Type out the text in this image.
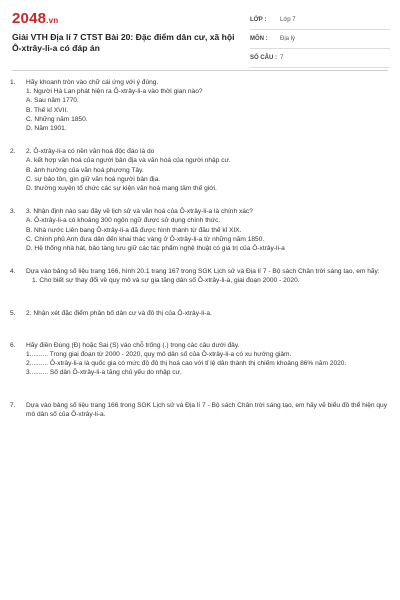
2048.vn
Giải VTH Địa lí 7 CTST Bài 20: Đặc điểm dân cư, xã hội Ô-xtrây-li-a có đáp án
LỚP :	Lớp 7
MÔN :	Địa lý
SỐ CÂU : 7
1.	Hãy khoanh tròn vào chữ cái ứng với ý đúng.
1. Người Hà Lan phát hiện ra Ô-xtrây-li-a vào thời gian nào?
A. Sau năm 1770.
B. Thế kỉ XVII.
C. Những năm 1850.
D. Năm 1901.
2.	2. Ô-xtrây-li-a có nền văn hoá độc đáo là do
A. kết hợp văn hoá của người bản địa và văn hoá của người nhập cư.
B. ảnh hưởng của văn hoá phương Tây.
C. sự bảo tồn, gìn giữ văn hoá người bản địa.
D. thường xuyên tổ chức các sự kiện văn hoá mang tầm thế giới.
3.	3. Nhận định nào sau đây về lịch sử và văn hoá của Ô-xtrây-li-a là chính xác?
A. Ô-xtrây-li-a có khoảng 300 ngôn ngữ được sử dụng chính thức.
B. Nhà nước Liên bang Ô-xtrây-li-a đã được hình thành từ đầu thế kỉ XIX.
C. Chính phủ Anh đưa dân đến khai thác vàng ở Ô-xtrây-li-a từ những năm 1850.
D. Hệ thống nhà hát, bảo tàng lưu giữ các tác phẩm nghệ thuật có giá trị của Ô-xtrây-li-a
4.	Dựa vào bảng số liệu trang 166, hình 20.1 trang 167 trong SGK Lịch sử và Địa lí 7 - Bộ sách Chân trời sáng tạo, em hãy:
1. Cho biết sự thay đổi về quy mô và sự gia tăng dân số Ô-xtrây-li-a, giai đoạn 2000 - 2020.
5.	2. Nhận xét đặc điểm phân bố dân cư và đô thị của Ô-xtrây-li-a.
6.	Hãy điền Đúng (Đ) hoặc Sai (S) vào chỗ trống (.) trong các câu dưới đây.
1.......... Trong giai đoạn từ 2000 - 2020, quy mô dân số của Ô-xtrây-li-a có xu hướng giảm.
2.......... Ô-xtrây-li-a là quốc gia có mức độ đô thị hoá cao với tỉ lệ dân thành thị chiếm khoảng 86% năm 2020.
3.......... Số dân Ô-xtrây-li-a tăng chủ yếu do nhập cư.
7.	Dựa vào bảng số liệu trang 166 trong SGK Lịch sử và Địa lí 7 - Bộ sách Chân trời sáng tạo, em hãy vẽ biểu đồ thể hiện quy mô dân số của Ô-xtrây-li-a.
